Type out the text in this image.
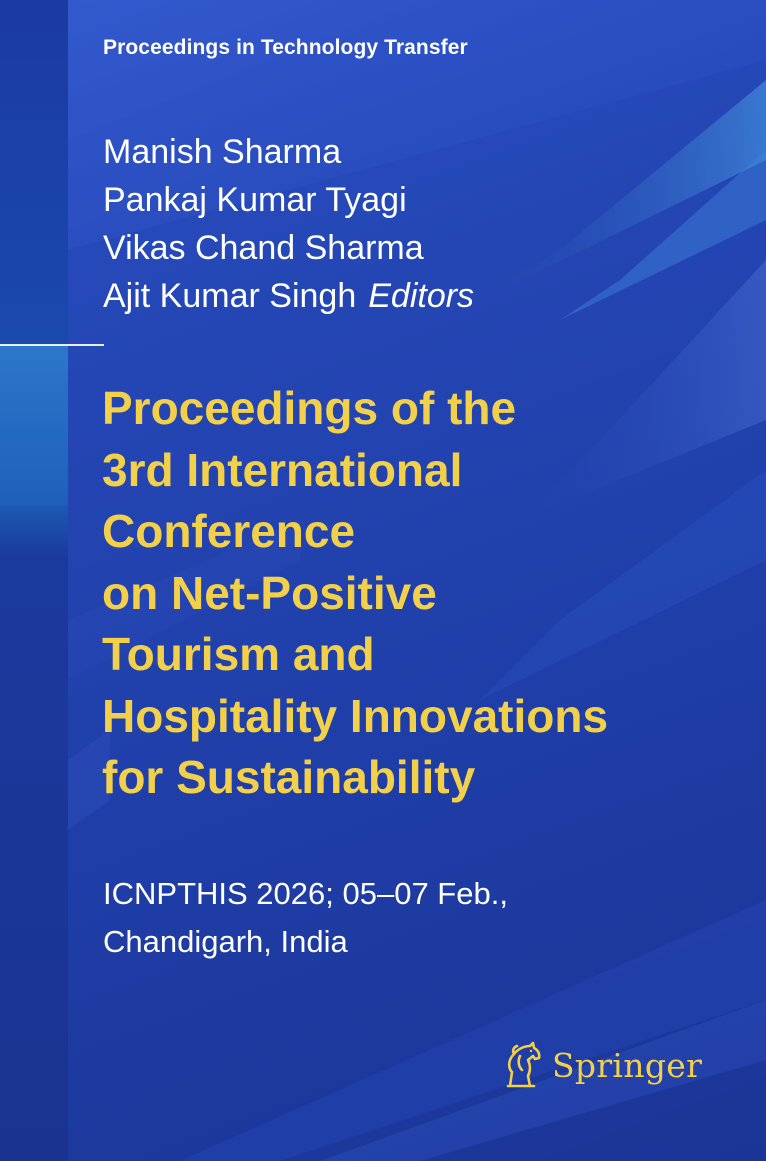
Proceedings in Technology Transfer
Manish Sharma
Pankaj Kumar Tyagi
Vikas Chand Sharma
Ajit Kumar Singh Editors
Proceedings of the
3rd International
Conference
on Net-Positive
Tourism and
Hospitality Innovations
for Sustainability
ICNPTHIS 2026; 05–07 Feb.,
Chandigarh, India
Springer
